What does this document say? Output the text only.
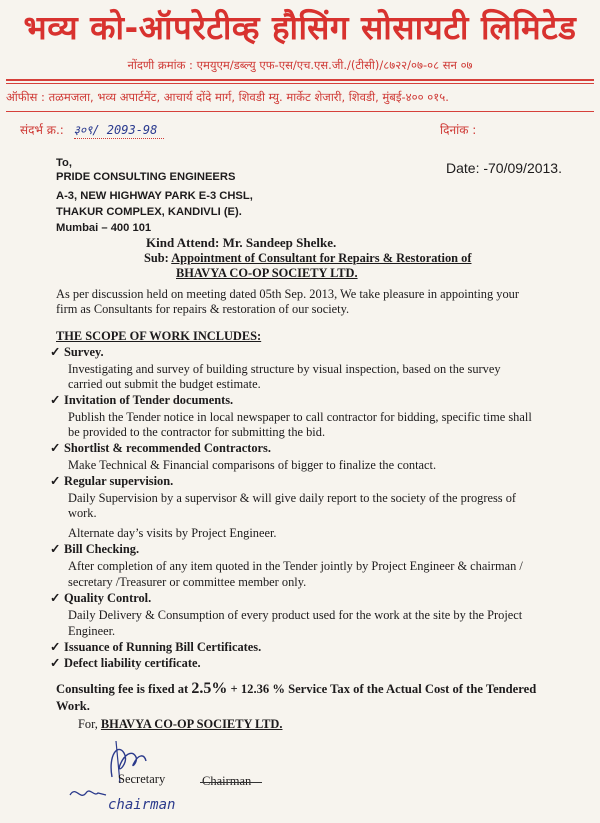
भव्य को-ऑपरेटीव्ह हौसिंग सोसायटी लिमिटेड
नोंदणी क्रमांक : एमयुएम/डब्ल्यु एफ-एस/एच.एस.जी./(टीसी)/८७२२/०७-०८ सन ०७
ऑफीस : तळमजला, भव्य अपार्टमेंट, आचार्य दोंदे मार्ग, शिवडी म्यु. मार्केट शेजारी, शिवडी, मुंबई-४०० ०१५.
संदर्भ क्र.: ३०९/ 2093-98	दिनांक :
Date: -70/09/2013.
To,
PRIDE CONSULTING ENGINEERS
A-3, NEW HIGHWAY PARK E-3 CHSL,
THAKUR COMPLEX, KANDIVLI (E).
Mumbai – 400 101
Kind Attend: Mr. Sandeep Shelke.
Sub: Appointment of Consultant for Repairs & Restoration of
BHAVYA CO-OP SOCIETY LTD.
As per discussion held on meeting dated 05th Sep. 2013, We take pleasure in appointing your
firm as Consultants for repairs & restoration of our society.
THE SCOPE OF WORK INCLUDES:
✓ Survey.
Investigating and survey of building structure by visual inspection, based on the survey
carried out submit the budget estimate.
✓ Invitation of Tender documents.
Publish the Tender notice in local newspaper to call contractor for bidding, specific time shall
be provided to the contractor for submitting the bid.
✓ Shortlist & recommended Contractors.
Make Technical & Financial comparisons of bigger to finalize the contact.
✓ Regular supervision.
Daily Supervision by a supervisor & will give daily report to the society of the progress of
work.
Alternate day’s visits by Project Engineer.
✓ Bill Checking.
After completion of any item quoted in the Tender jointly by Project Engineer & chairman /
secretary /Treasurer or committee member only.
✓ Quality Control.
Daily Delivery & Consumption of every product used for the work at the site by the Project
Engineer.
✓ Issuance of Running Bill Certificates.
✓ Defect liability certificate.
Consulting fee is fixed at 2.5% + 12.36 % Service Tax of the Actual Cost of the Tendered
Work.
For, BHAVYA CO-OP SOCIETY LTD.
Secretary	Chairman
chairman
